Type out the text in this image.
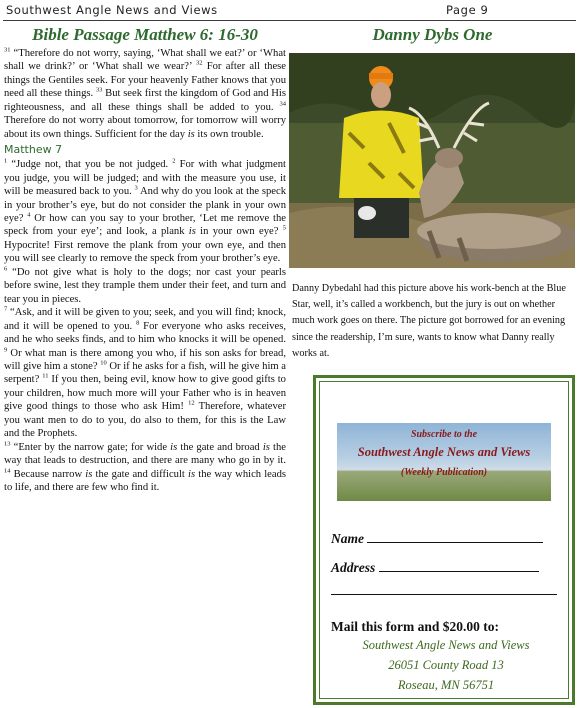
Southwest Angle News and Views	Page 9
Bible Passage Matthew 6: 16-30

$^{31}$ “Therefore do not worry, saying, ‘What shall we eat?’ or ‘What shall we drink?’ or ‘What shall we wear?’ $^{32}$ For after all these things the Gentiles seek. For your heavenly Father knows that you need all these things. $^{33}$ But seek first the kingdom of God and His righteousness, and all these things shall be added to you. $^{34}$ Therefore do not worry about tomorrow, for tomorrow will worry about its own things. Sufficient for the day is its own trouble.

Matthew 7

$^1$ “Judge not, that you be not judged. $^2$ For with what judgment you judge, you will be judged; and with the measure you use, it will be measured back to you. $^3$ And why do you look at the speck in your brother’s eye, but do not consider the plank in your own eye? $^4$ Or how can you say to your brother, ‘Let me remove the speck from your eye’; and look, a plank is in your own eye? $^5$ Hypocrite! First remove the plank from your own eye, and then you will see clearly to remove the speck from your brother’s eye.
$^6$ “Do not give what is holy to the dogs; nor cast your pearls before swine, lest they trample them under their feet, and turn and tear you in pieces.
$^7$ “Ask, and it will be given to you; seek, and you will find; knock, and it will be opened to you. $^8$ For everyone who asks receives, and he who seeks finds, and to him who knocks it will be opened. $^9$ Or what man is there among you who, if his son asks for bread, will give him a stone? $^{10}$ Or if he asks for a fish, will he give him a serpent? $^{11}$ If you then, being evil, know how to give good gifts to your children, how much more will your Father who is in heaven give good things to those who ask Him! $^{12}$ Therefore, whatever you want men to do to you, do also to them, for this is the Law and the Prophets.
$^{13}$ “Enter by the narrow gate; for wide is the gate and broad is the way that leads to destruction, and there are many who go in by it. $^{14}$ Because narrow is the gate and difficult is the way which leads to life, and there are few who find it.

Danny Dybs One
Danny Dybedahl had this picture above his work-bench at the Blue Star, well, it’s called a workbench, but the jury is out on whether much work goes on there. The picture got borrowed for an evening since the readership, I’m sure, wants to know what Danny really works at.
Subscribe to the
Southwest Angle News and Views
(Weekly Publication)
Name
Address
Mail this form and $20.00 to:
Southwest Angle News and Views
26051 County Road 13
Roseau, MN 56751
